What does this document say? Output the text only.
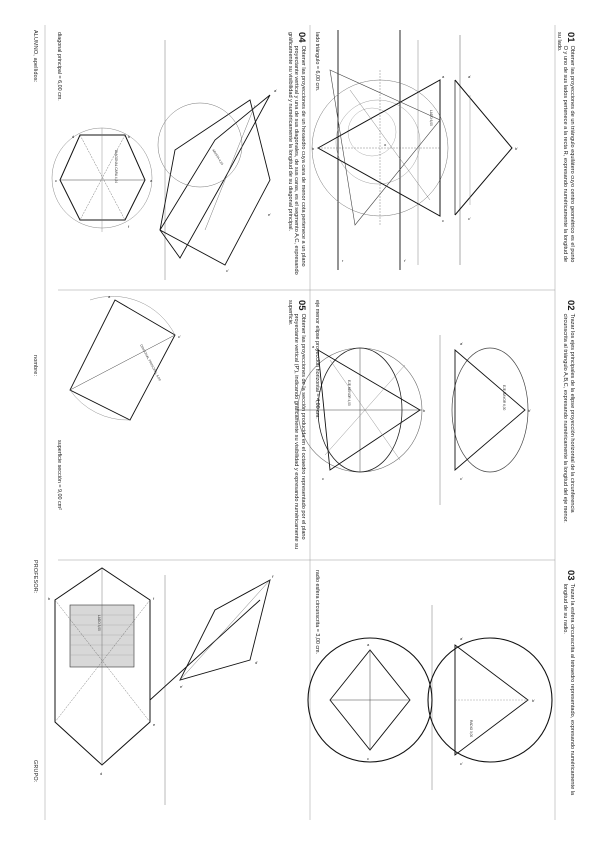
a'
b'
c'
r'
r
b
a
c
o
LADO 6,00
a'
b'
c'
a
b
c
EJE MAYOR 6,00
EJE MENOR 4,00
a'
b'
c'
a
c
RADIO 3,00
a'
e'
c'
a
b
c
f
d
DIAGONAL CARA 4,24	ARISTA 4,24
c'
a
DIAGONAL PRINCIPAL 6,00
f'
d'
e'
f
e
d
b
LADO 3,00
01
Obtener las proyecciones de un triángulo equilátero cuyo centro geométrico es el punto O y uno de sus lados pertenece a la recta R, expresando numéricamente la longitud de su lado.
02
Trazar los ejes principales de la elipse proyección horizontal de la circunferencia circunscrita al triángulo A,B,C, expresando numéricamente la longitud del eje menor.
03
Trazar la esfera circunscrita al tetraedro representado, expresando numéricamente la longitud de su radio.
lado triángulo = 6,00 cm.
eje menor elipse proyección horizontal = 4,00 cm.
radio esfera circunscrita = 3,00 cm.
04
Obtener las proyecciones de un hexaedro cuya cara de menor cota pertenece a un plano proyectante vertical y una de sus diagonales, de sus caras, es el segmento A,C, expresando gráficamente su visibilidad y numéricamente la longitud de su diagonal principal.
05
Obtener las proyecciones de la sección producida en el octaedro representado por el plano proyectante vertical (P'), indicando gráficamente su visibilidad y expresando numéricamente su superficie.
diagonal principal = 6,00 cm.
superficie sección = 9,00 cm²
ALUMNO, apellidos:
nombre:
PROFESOR:
GRUPO:
